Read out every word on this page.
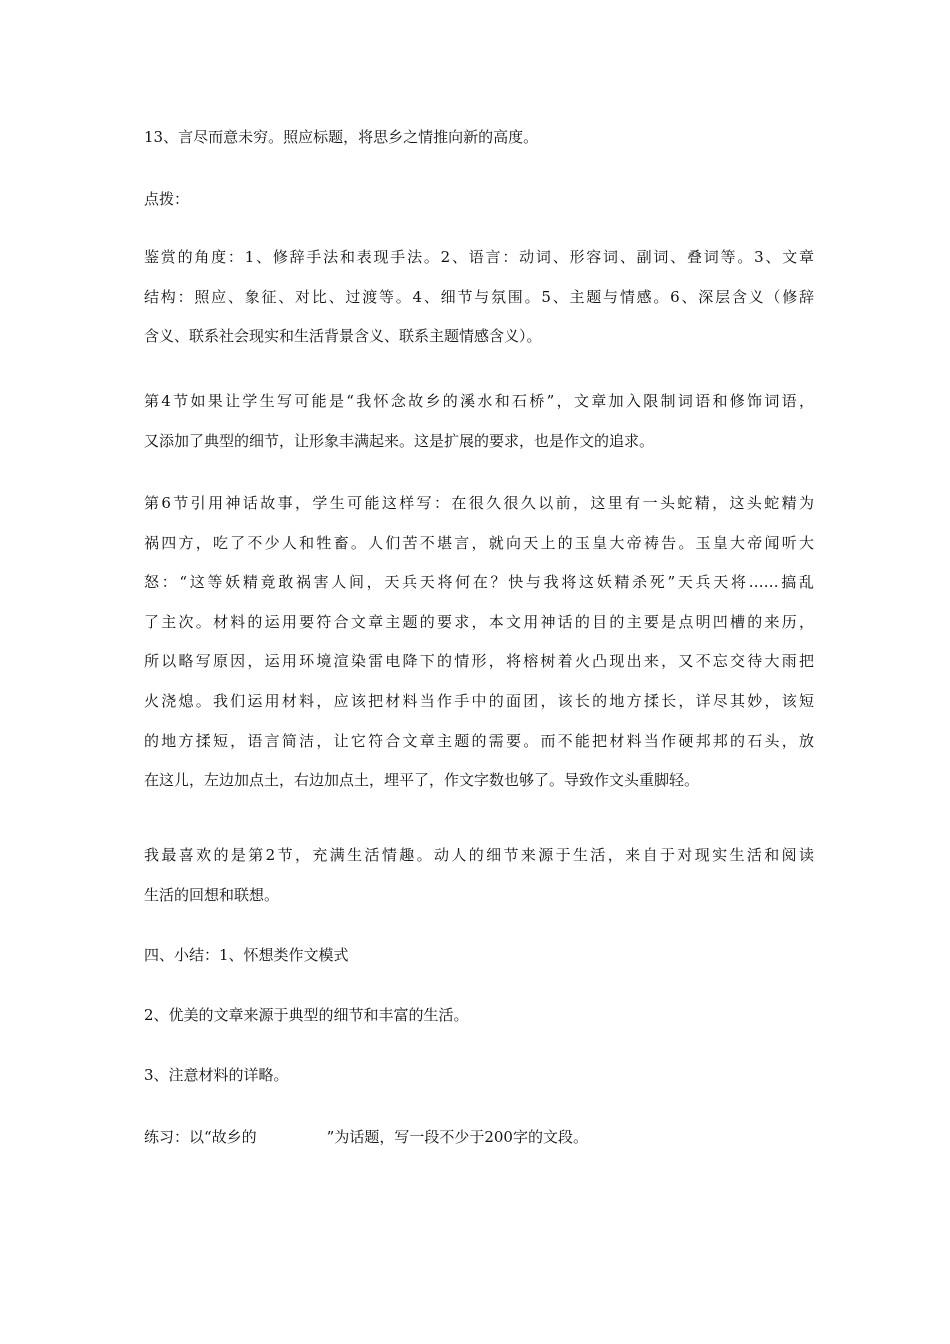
13、言尽而意未穷。照应标题，将思乡之情推向新的高度。

点拨：

鉴赏的角度：1、修辞手法和表现手法。2、语言：动词、形容词、副词、叠词等。3、文章
结构：照应、象征、对比、过渡等。4、细节与氛围。5、主题与情感。6、深层含义（修辞
含义、联系社会现实和生活背景含义、联系主题情感含义）。

第4节如果让学生写可能是“我怀念故乡的溪水和石桥”，文章加入限制词语和修饰词语，
又添加了典型的细节，让形象丰满起来。这是扩展的要求，也是作文的追求。

第6节引用神话故事，学生可能这样写：在很久很久以前，这里有一头蛇精，这头蛇精为
祸四方，吃了不少人和牲畜。人们苦不堪言，就向天上的玉皇大帝祷告。玉皇大帝闻听大
怒：“这等妖精竟敢祸害人间，天兵天将何在？快与我将这妖精杀死”天兵天将……搞乱
了主次。材料的运用要符合文章主题的要求，本文用神话的目的主要是点明凹槽的来历，
所以略写原因，运用环境渲染雷电降下的情形，将榕树着火凸现出来，又不忘交待大雨把
火浇熄。我们运用材料，应该把材料当作手中的面团，该长的地方揉长，详尽其妙，该短
的地方揉短，语言简洁，让它符合文章主题的需要。而不能把材料当作硬邦邦的石头，放
在这儿，左边加点土，右边加点土，埋平了，作文字数也够了。导致作文头重脚轻。

我最喜欢的是第2节，充满生活情趣。动人的细节来源于生活，来自于对现实生活和阅读
生活的回想和联想。

四、小结：1、怀想类作文模式

2、优美的文章来源于典型的细节和丰富的生活。

3、注意材料的详略。

练习：以“故乡的	”为话题，写一段不少于200字的文段。
